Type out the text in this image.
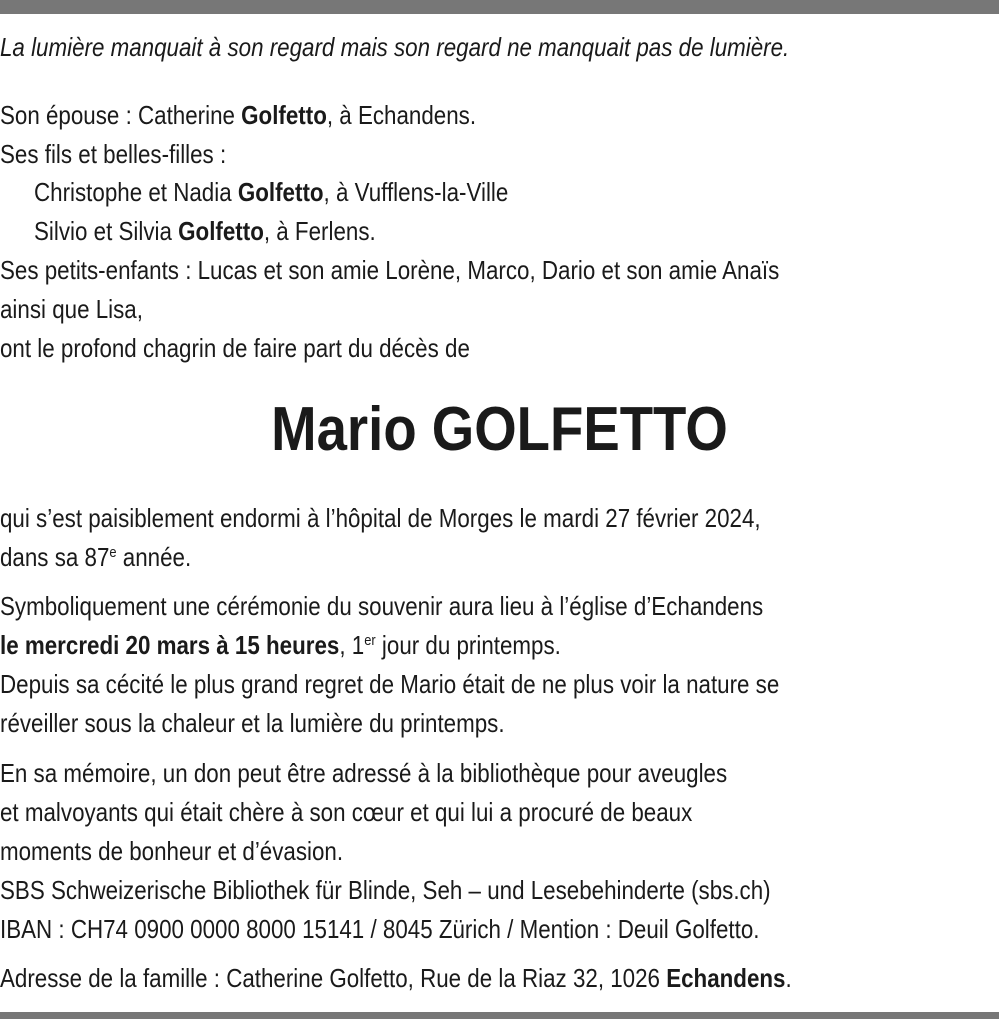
La lumière manquait à son regard mais son regard ne manquait pas de lumière.
Son épouse : Catherine Golfetto, à Echandens.
Ses fils et belles-filles :
Christophe et Nadia Golfetto, à Vufflens-la-Ville
Silvio et Silvia Golfetto, à Ferlens.
Ses petits-enfants : Lucas et son amie Lorène, Marco, Dario et son amie Anaïs
ainsi que Lisa,
ont le profond chagrin de faire part du décès de
Mario GOLFETTO
qui s’est paisiblement endormi à l’hôpital de Morges le mardi 27 février 2024,
dans sa 87e année.
Symboliquement une cérémonie du souvenir aura lieu à l’église d’Echandens
le mercredi 20 mars à 15 heures, 1er jour du printemps.
Depuis sa cécité le plus grand regret de Mario était de ne plus voir la nature se
réveiller sous la chaleur et la lumière du printemps.
En sa mémoire, un don peut être adressé à la bibliothèque pour aveugles
et malvoyants qui était chère à son cœur et qui lui a procuré de beaux
moments de bonheur et d’évasion.
SBS Schweizerische Bibliothek für Blinde, Seh – und Lesebehinderte (sbs.ch)
IBAN : CH74 0900 0000 8000 15141 / 8045 Zürich / Mention : Deuil Golfetto.
Adresse de la famille : Catherine Golfetto, Rue de la Riaz 32, 1026 Echandens.
